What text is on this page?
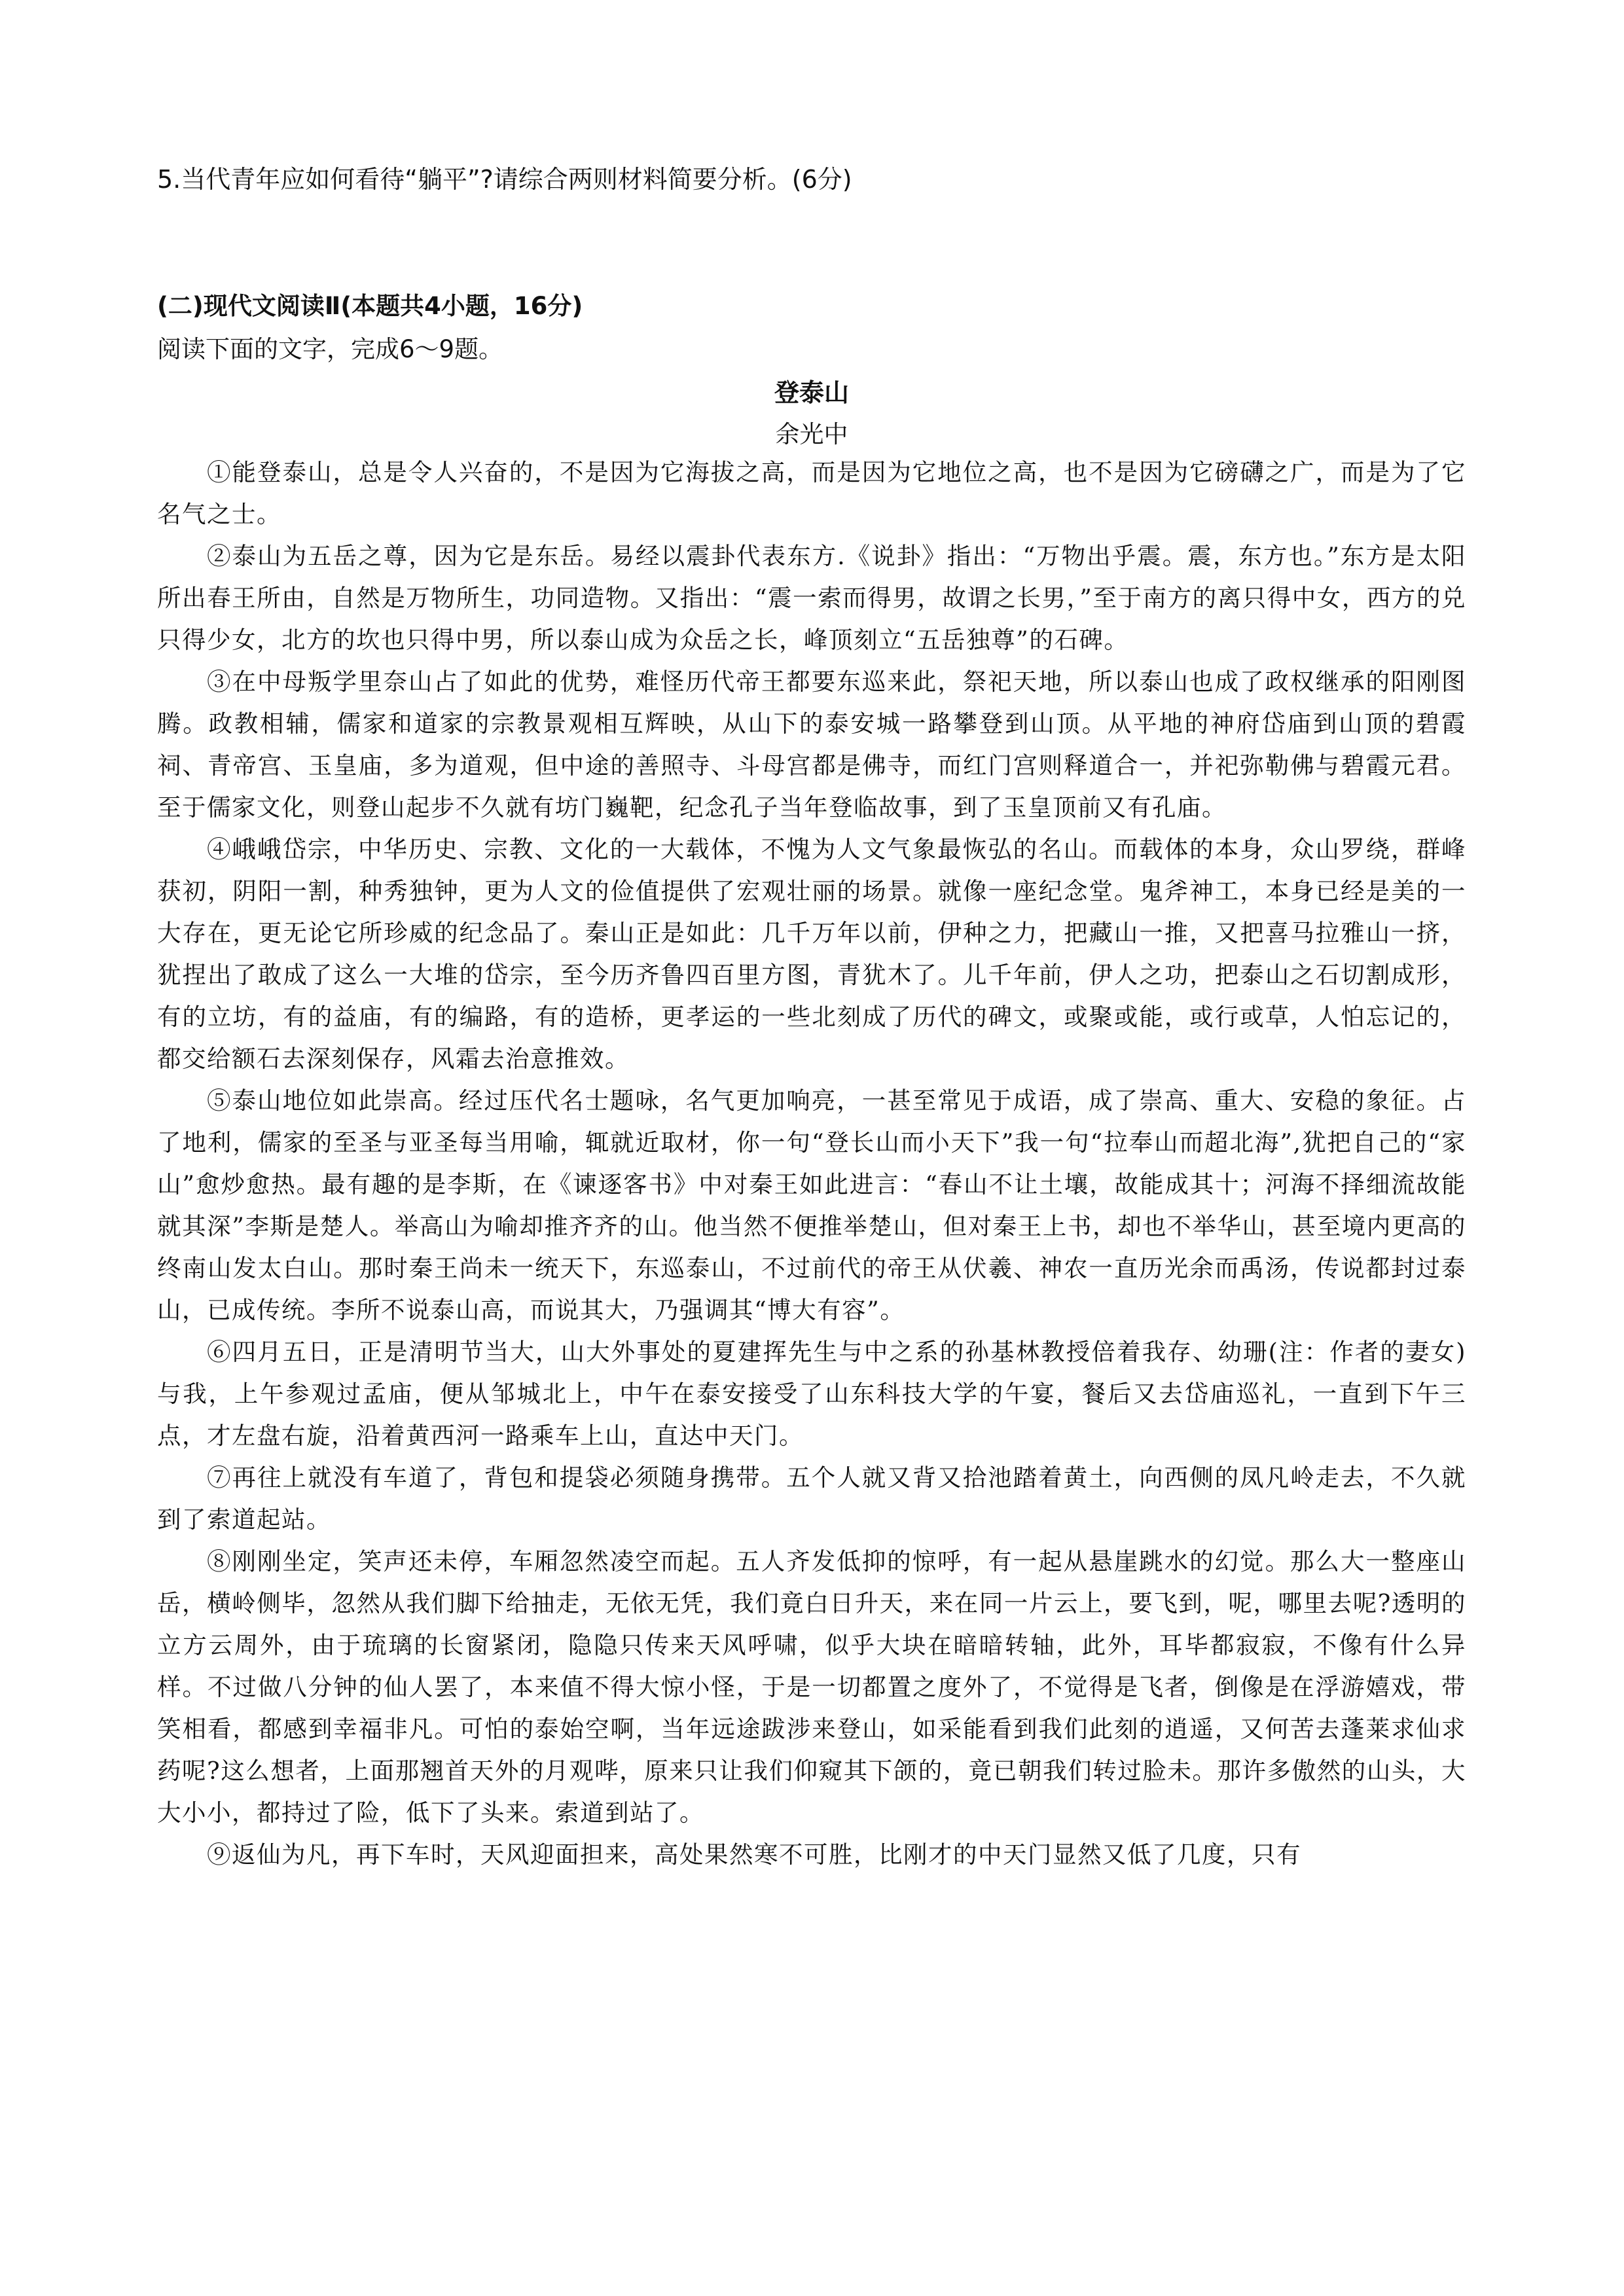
5.当代青年应如何看待“躺平”?请综合两则材料简要分析。(6分)
(二)现代文阅读Ⅱ(本题共4小题，16分)
阅读下面的文字，完成6～9题。
登泰山
余光中

①能登泰山，总是令人兴奋的，不是因为它海拔之高，而是因为它地位之高，也不是因为它磅礴之广，而是为了它名气之士。

②泰山为五岳之尊，因为它是东岳。易经以震卦代表东方.《说卦》指出：“万物出乎震。震，东方也。”东方是太阳所出春王所由，自然是万物所生，功同造物。又指出：“震一索而得男，故谓之长男，”至于南方的离只得中女，西方的兑只得少女，北方的坎也只得中男，所以泰山成为众岳之长，峰顶刻立“五岳独尊”的石碑。

③在中母叛学里奈山占了如此的优势，难怪历代帝王都要东巡来此，祭祀天地，所以泰山也成了政权继承的阳刚图腾。政教相辅，儒家和道家的宗教景观相互辉映，从山下的泰安城一路攀登到山顶。从平地的神府岱庙到山顶的碧霞祠、青帝宫、玉皇庙，多为道观，但中途的善照寺、斗母宫都是佛寺，而红门宫则释道合一，并祀弥勒佛与碧霞元君。至于儒家文化，则登山起步不久就有坊门巍靶，纪念孔子当年登临故事，到了玉皇顶前又有孔庙。

④峨峨岱宗，中华历史、宗教、文化的一大载体，不愧为人文气象最恢弘的名山。而载体的本身，众山罗绕，群峰获初，阴阳一割，种秀独钟，更为人文的俭值提供了宏观壮丽的场景。就像一座纪念堂。鬼斧神工，本身已经是美的一大存在，更无论它所珍威的纪念品了。秦山正是如此：几千万年以前，伊种之力，把藏山一推，又把喜马拉雅山一挤，犹捏出了敢成了这么一大堆的岱宗，至今历齐鲁四百里方图，青犹木了。儿千年前，伊人之功，把泰山之石切割成形，有的立坊，有的益庙，有的编路，有的造桥，更孝运的一些北刻成了历代的碑文，或聚或能，或行或草，人怕忘记的，都交给额石去深刻保存，风霜去治意推效。

⑤泰山地位如此崇高。经过压代名士题咏，名气更加响亮，一甚至常见于成语，成了崇高、重大、安稳的象征。占了地利，儒家的至圣与亚圣每当用喻，辄就近取材，你一句“登长山而小天下”我一句“拉奉山而超北海”,犹把自己的“家山”愈炒愈热。最有趣的是李斯，在《谏逐客书》中对秦王如此进言：“春山不让土壤，故能成其十；河海不择细流故能就其深”李斯是楚人。举高山为喻却推齐齐的山。他当然不便推举楚山，但对秦王上书，却也不举华山，甚至境内更高的终南山发太白山。那时秦王尚未一统天下，东巡泰山，不过前代的帝王从伏羲、神农一直历光余而禹汤，传说都封过泰山，已成传统。李所不说泰山高，而说其大，乃强调其“博大有容”。

⑥四月五日，正是清明节当大，山大外事处的夏建挥先生与中之系的孙基林教授倍着我存、幼珊(注：作者的妻女)与我，上午参观过孟庙，便从邹城北上，中午在泰安接受了山东科技大学的午宴，餐后又去岱庙巡礼，一直到下午三点，才左盘右旋，沿着黄西河一路乘车上山，直达中天门。

⑦再往上就没有车道了，背包和提袋必须随身携带。五个人就又背又拾池踏着黄土，向西侧的凤凡岭走去，不久就到了索道起站。

⑧刚刚坐定，笑声还未停，车厢忽然凌空而起。五人齐发低抑的惊呼，有一起从悬崖跳水的幻觉。那么大一整座山岳，横岭侧毕，忽然从我们脚下给抽走，无依无凭，我们竟白日升天，来在同一片云上，要飞到，呢，哪里去呢?透明的立方云周外，由于琉璃的长窗紧闭，隐隐只传来天风呼啸，似乎大块在暗暗转轴，此外，耳毕都寂寂，不像有什么异样。不过做八分钟的仙人罢了，本来值不得大惊小怪，于是一切都置之度外了，不觉得是飞者，倒像是在浮游嬉戏，带笑相看，都感到幸福非凡。可怕的泰始空啊，当年远途跋涉来登山，如采能看到我们此刻的逍遥，又何苦去蓬莱求仙求药呢?这么想者，上面那翘首天外的月观哔，原来只让我们仰窥其下颌的，竟已朝我们转过脸未。那许多傲然的山头，大大小小，都持过了险，低下了头来。索道到站了。

⑨返仙为凡，再下车时，天风迎面担来，高处果然寒不可胜，比刚才的中天门显然又低了几度，只有
